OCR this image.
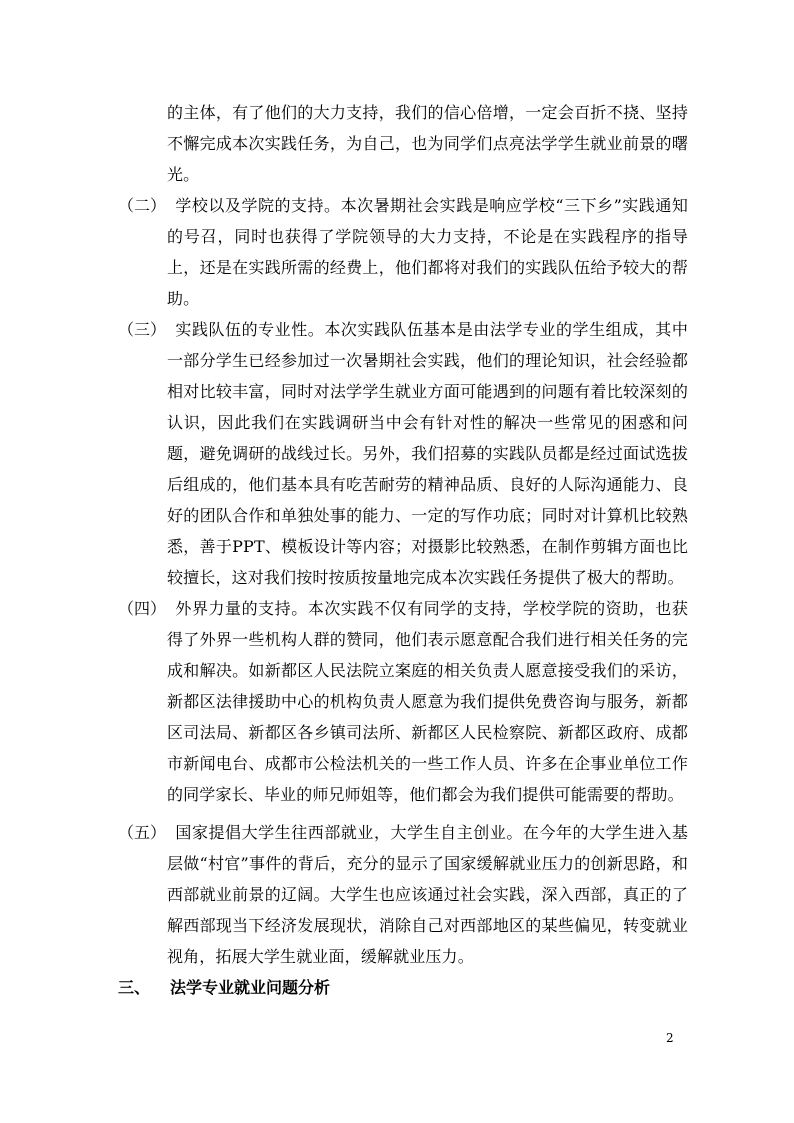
的主体，有了他们的大力支持，我们的信心倍增，一定会百折不挠、坚持不懈完成本次实践任务，为自己，也为同学们点亮法学学生就业前景的曙光。
（二） 学校以及学院的支持。本次暑期社会实践是响应学校“三下乡”实践通知的号召，同时也获得了学院领导的大力支持，不论是在实践程序的指导上，还是在实践所需的经费上，他们都将对我们的实践队伍给予较大的帮助。
（三） 实践队伍的专业性。本次实践队伍基本是由法学专业的学生组成，其中一部分学生已经参加过一次暑期社会实践，他们的理论知识，社会经验都相对比较丰富，同时对法学学生就业方面可能遇到的问题有着比较深刻的认识，因此我们在实践调研当中会有针对性的解决一些常见的困惑和问题，避免调研的战线过长。另外，我们招募的实践队员都是经过面试选拔后组成的，他们基本具有吃苦耐劳的精神品质、良好的人际沟通能力、良好的团队合作和单独处事的能力、一定的写作功底；同时对计算机比较熟悉，善于PPT、模板设计等内容；对摄影比较熟悉，在制作剪辑方面也比较擅长，这对我们按时按质按量地完成本次实践任务提供了极大的帮助。
（四） 外界力量的支持。本次实践不仅有同学的支持，学校学院的资助，也获得了外界一些机构人群的赞同，他们表示愿意配合我们进行相关任务的完成和解决。如新都区人民法院立案庭的相关负责人愿意接受我们的采访，新都区法律援助中心的机构负责人愿意为我们提供免费咨询与服务，新都区司法局、新都区各乡镇司法所、新都区人民检察院、新都区政府、成都市新闻电台、成都市公检法机关的一些工作人员、许多在企事业单位工作的同学家长、毕业的师兄师姐等，他们都会为我们提供可能需要的帮助。
（五） 国家提倡大学生往西部就业，大学生自主创业。在今年的大学生进入基层做“村官”事件的背后，充分的显示了国家缓解就业压力的创新思路，和西部就业前景的辽阔。大学生也应该通过社会实践，深入西部，真正的了解西部现当下经济发展现状，消除自己对西部地区的某些偏见，转变就业视角，拓展大学生就业面，缓解就业压力。
三、 法学专业就业问题分析
2
